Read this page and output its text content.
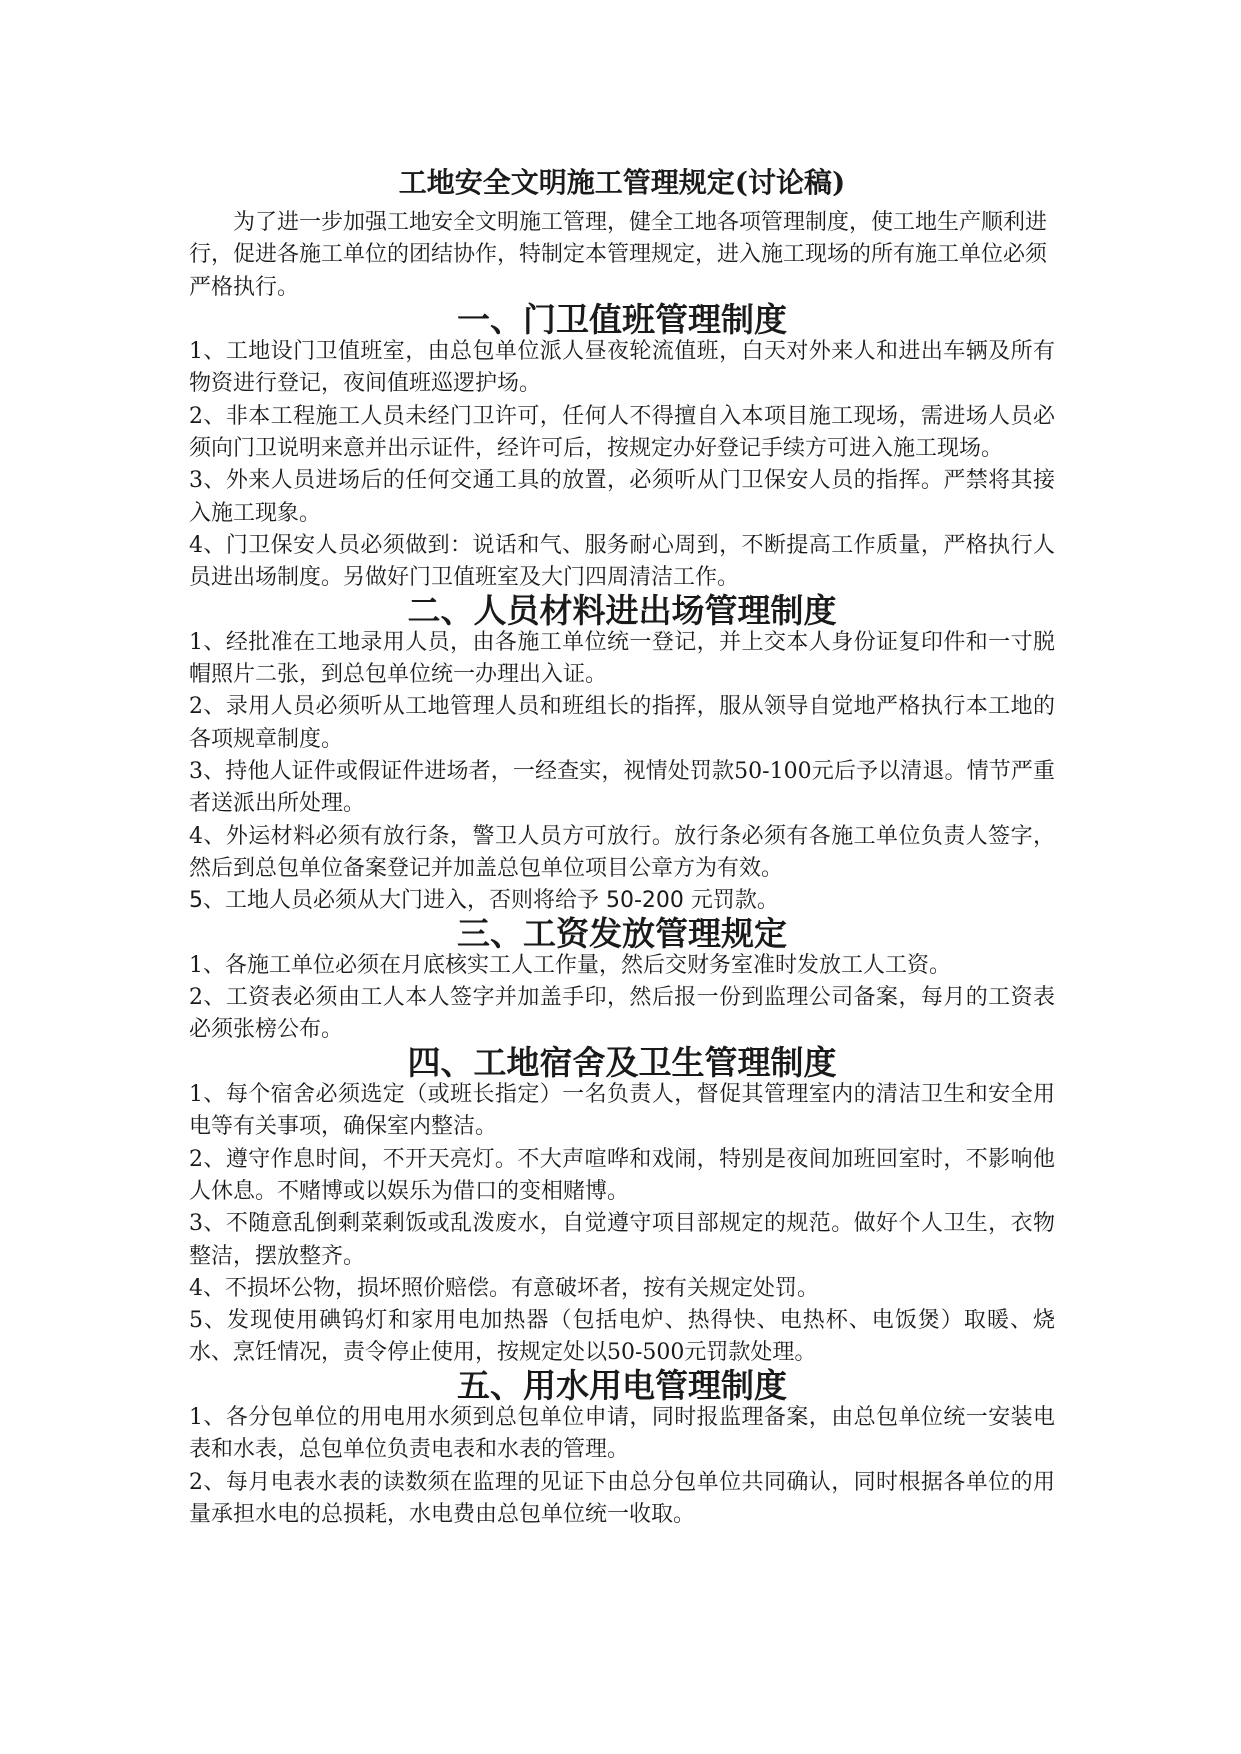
工地安全文明施工管理规定(讨论稿)

为了进一步加强工地安全文明施工管理，健全工地各项管理制度，使工地生产顺利进行，促进各施工单位的团结协作，特制定本管理规定，进入施工现场的所有施工单位必须严格执行。

一、门卫值班管理制度

1、工地设门卫值班室，由总包单位派人昼夜轮流值班，白天对外来人和进出车辆及所有物资进行登记，夜间值班巡逻护场。

2、非本工程施工人员未经门卫许可，任何人不得擅自入本项目施工现场，需进场人员必须向门卫说明来意并出示证件，经许可后，按规定办好登记手续方可进入施工现场。

3、外来人员进场后的任何交通工具的放置，必须听从门卫保安人员的指挥。严禁将其接入施工现象。

4、门卫保安人员必须做到：说话和气、服务耐心周到，不断提高工作质量，严格执行人员进出场制度。另做好门卫值班室及大门四周清洁工作。

二、人员材料进出场管理制度

1、经批准在工地录用人员，由各施工单位统一登记，并上交本人身份证复印件和一寸脱帽照片二张，到总包单位统一办理出入证。

2、录用人员必须听从工地管理人员和班组长的指挥，服从领导自觉地严格执行本工地的各项规章制度。

3、持他人证件或假证件进场者，一经查实，视情处罚款50-100元后予以清退。情节严重者送派出所处理。

4、外运材料必须有放行条，警卫人员方可放行。放行条必须有各施工单位负责人签字，然后到总包单位备案登记并加盖总包单位项目公章方为有效。

5、工地人员必须从大门进入，否则将给予 50-200 元罚款。

三、工资发放管理规定

1、各施工单位必须在月底核实工人工作量，然后交财务室准时发放工人工资。

2、工资表必须由工人本人签字并加盖手印，然后报一份到监理公司备案，每月的工资表必须张榜公布。

四、工地宿舍及卫生管理制度

1、每个宿舍必须选定（或班长指定）一名负责人，督促其管理室内的清洁卫生和安全用电等有关事项，确保室内整洁。

2、遵守作息时间，不开天亮灯。不大声喧哗和戏闹，特别是夜间加班回室时，不影响他人休息。不赌博或以娱乐为借口的变相赌博。

3、不随意乱倒剩菜剩饭或乱泼废水，自觉遵守项目部规定的规范。做好个人卫生，衣物整洁，摆放整齐。

4、不损坏公物，损坏照价赔偿。有意破坏者，按有关规定处罚。

5、发现使用碘钨灯和家用电加热器（包括电炉、热得快、电热杯、电饭煲）取暖、烧水、烹饪情况，责令停止使用，按规定处以50-500元罚款处理。

五、用水用电管理制度

1、各分包单位的用电用水须到总包单位申请，同时报监理备案，由总包单位统一安装电表和水表，总包单位负责电表和水表的管理。

2、每月电表水表的读数须在监理的见证下由总分包单位共同确认，同时根据各单位的用量承担水电的总损耗，水电费由总包单位统一收取。
